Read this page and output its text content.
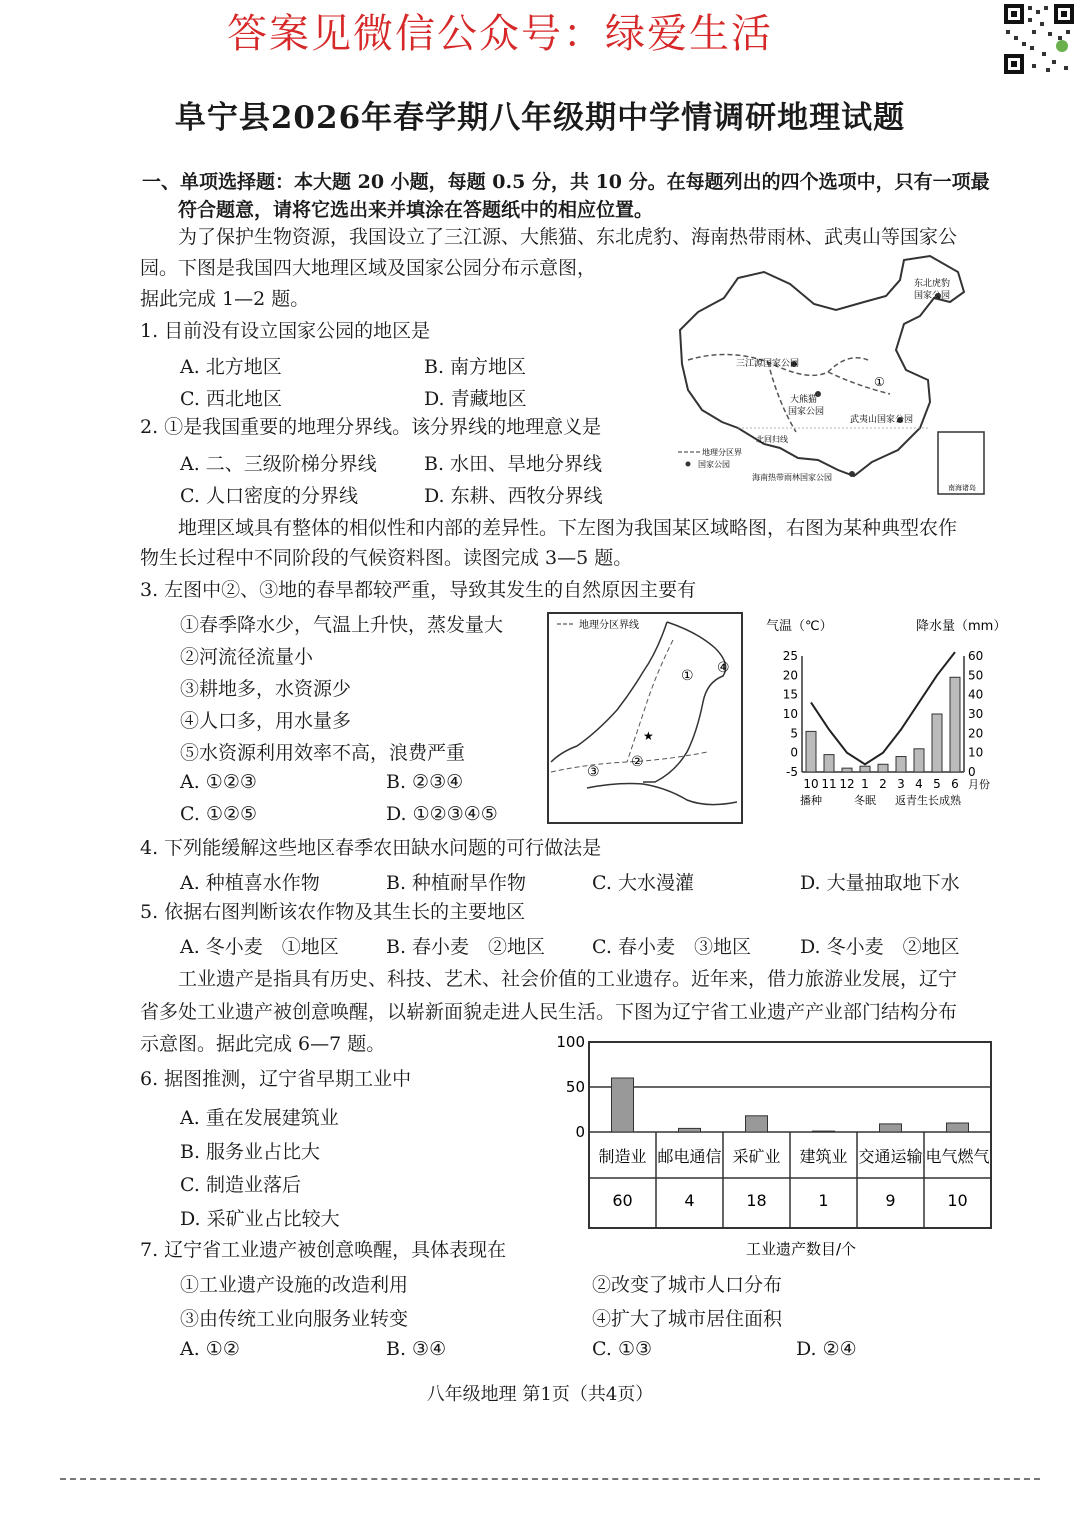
答案见微信公众号：绿爱生活
阜宁县2026年春学期八年级期中学情调研地理试题
一、单项选择题：本大题 20 小题，每题 0.5 分，共 10 分。在每题列出的四个选项中，只有一项最
符合题意，请将它选出来并填涂在答题纸中的相应位置。
为了保护生物资源，我国设立了三江源、大熊猫、东北虎豹、海南热带雨林、武夷山等国家公
园。下图是我国四大地理区域及国家公园分布示意图，
据此完成 1—2 题。
1. 目前没有设立国家公园的地区是
A. 北方地区	B. 南方地区
C. 西北地区	D. 青藏地区
2. ①是我国重要的地理分界线。该分界线的地理意义是
A. 二、三级阶梯分界线 B. 水田、旱地分界线
C. 人口密度的分界线	D. 东耕、西牧分界线
东北虎豹
国家公园
三江源国家公园
①
大熊猫
国家公园
武夷山国家公园
北回归线
地理分区界
国家公园
海南热带雨林国家公园
南海诸岛
地理区域具有整体的相似性和内部的差异性。下左图为我国某区域略图，右图为某种典型农作
物生长过程中不同阶段的气候资料图。读图完成 3—5 题。
3. 左图中②、③地的春旱都较严重，导致其发生的自然原因主要有
①春季降水少，气温上升快，蒸发量大
②河流径流量小
③耕地多，水资源少
④人口多，用水量多
⑤水资源利用效率不高，浪费严重
A. ①②③	B. ②③④
C. ①②⑤	D. ①②③④⑤
地理分区界线
①
②
③
④
★
气温（℃）	降水量（mm）
25
20
15
10
5
0
-5
60
50
40
30
20
10
0
10 11 12 1 2 3 4 5 6 月份
播种	冬眠 返青生长成熟
4. 下列能缓解这些地区春季农田缺水问题的可行做法是
A. 种植喜水作物	B. 种植耐旱作物	C. 大水漫灌	D. 大量抽取地下水
5. 依据右图判断该农作物及其生长的主要地区
A. 冬小麦　①地区 B. 春小麦　②地区 C. 春小麦　③地区	D. 冬小麦　②地区
工业遗产是指具有历史、科技、艺术、社会价值的工业遗存。近年来，借力旅游业发展，辽宁
省多处工业遗产被创意唤醒，以崭新面貌走进人民生活。下图为辽宁省工业遗产产业部门结构分布
示意图。据此完成 6—7 题。
6. 据图推测，辽宁省早期工业中
A. 重在发展建筑业
B. 服务业占比大
C. 制造业落后
D. 采矿业占比较大
0
50
100
制造业 邮电通信 采矿业 建筑业 交通运输 电气燃气
60	4	18	1	9	10
工业遗产数目/个
7. 辽宁省工业遗产被创意唤醒，具体表现在
①工业遗产设施的改造利用	②改变了城市人口分布
③由传统工业向服务业转变	④扩大了城市居住面积
A. ①②	B. ③④	C. ①③	D. ②④
八年级地理 第1页（共4页）
